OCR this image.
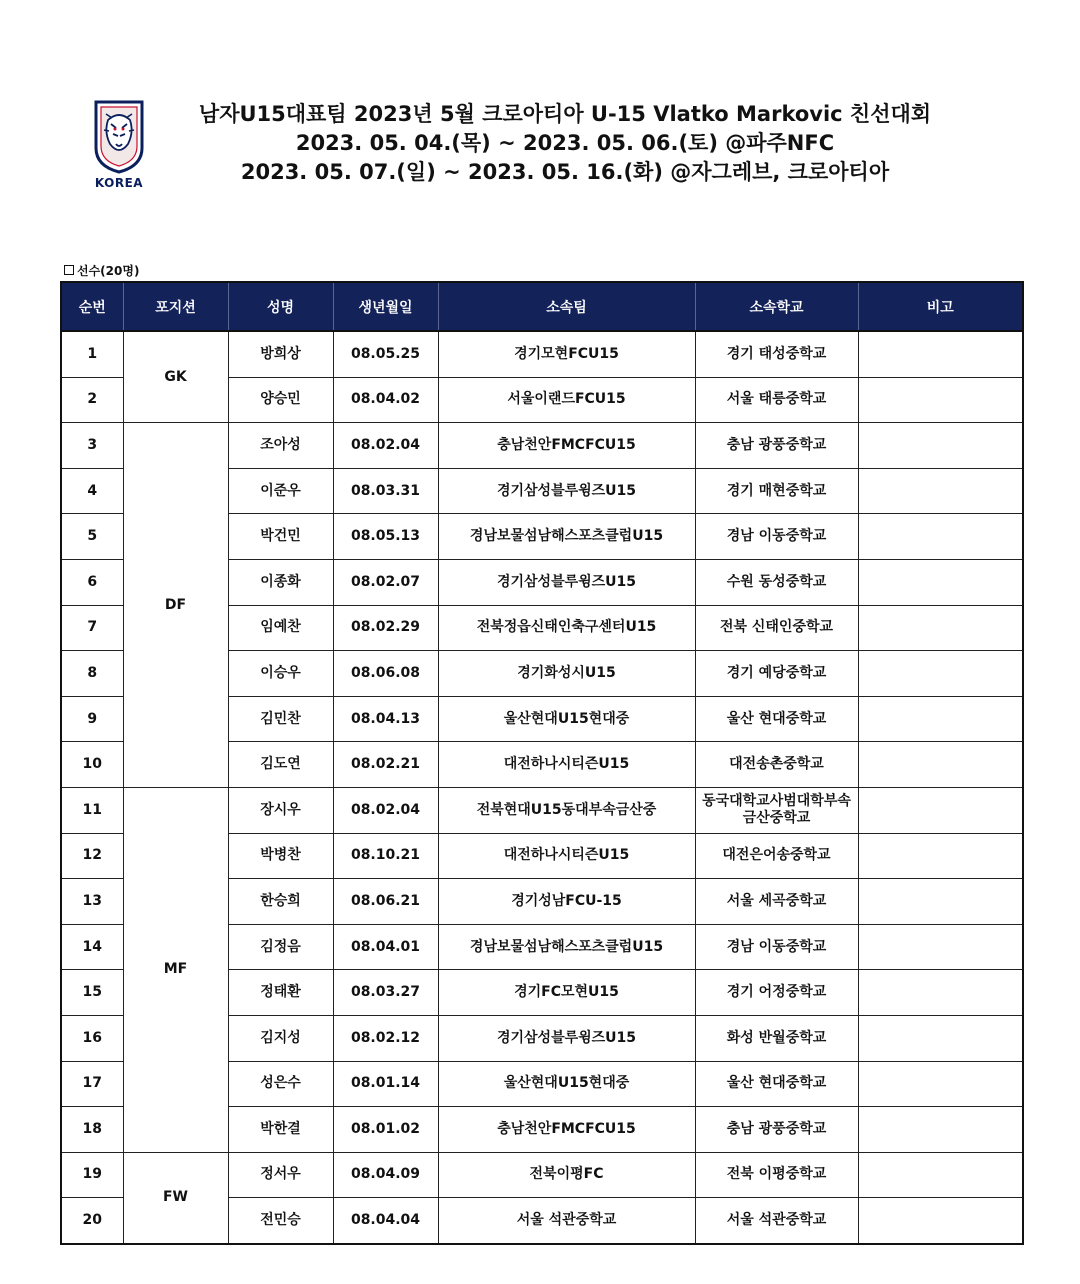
KOREA
남자U15대표팀 2023년 5월 크로아티아 U-15 Vlatko Markovic 친선대회
2023. 05. 04.(목) ~ 2023. 05. 06.(토) @파주NFC
2023. 05. 07.(일) ~ 2023. 05. 16.(화) @자그레브, 크로아티아
선수(20명)
순번	포지션	성명	생년월일	소속팀	소속학교	비고
1	GK	방희상	08.05.25	경기모현FCU15	경기 태성중학교	
2		양승민	08.04.02	서울이랜드FCU15	서울 태릉중학교	
3	DF	조아성	08.02.04	충남천안FMCFCU15	충남 광풍중학교	
4		이준우	08.03.31	경기삼성블루윙즈U15	경기 매현중학교	
5		박건민	08.05.13	경남보물섬남해스포츠클럽U15	경남 이동중학교	
6		이종화	08.02.07	경기삼성블루윙즈U15	수원 동성중학교	
7		임예찬	08.02.29	전북정읍신태인축구센터U15	전북 신태인중학교	
8		이승우	08.06.08	경기화성시U15	경기 예당중학교	
9		김민찬	08.04.13	울산현대U15현대중	울산 현대중학교	
10		김도연	08.02.21	대전하나시티즌U15	대전송촌중학교	
11	MF	장시우	08.02.04	전북현대U15동대부속금산중	동국대학교사범대학부속 금산중학교	
12		박병찬	08.10.21	대전하나시티즌U15	대전은어송중학교	
13		한승희	08.06.21	경기성남FCU-15	서울 세곡중학교	
14		김정음	08.04.01	경남보물섬남해스포츠클럽U15	경남 이동중학교	
15		정태환	08.03.27	경기FC모현U15	경기 어정중학교	
16		김지성	08.02.12	경기삼성블루윙즈U15	화성 반월중학교	
17		성은수	08.01.14	울산현대U15현대중	울산 현대중학교	
18		박한결	08.01.02	충남천안FMCFCU15	충남 광풍중학교	
19	FW	정서우	08.04.09	전북이평FC	전북 이평중학교	
20		전민승	08.04.04	서울 석관중학교	서울 석관중학교	
